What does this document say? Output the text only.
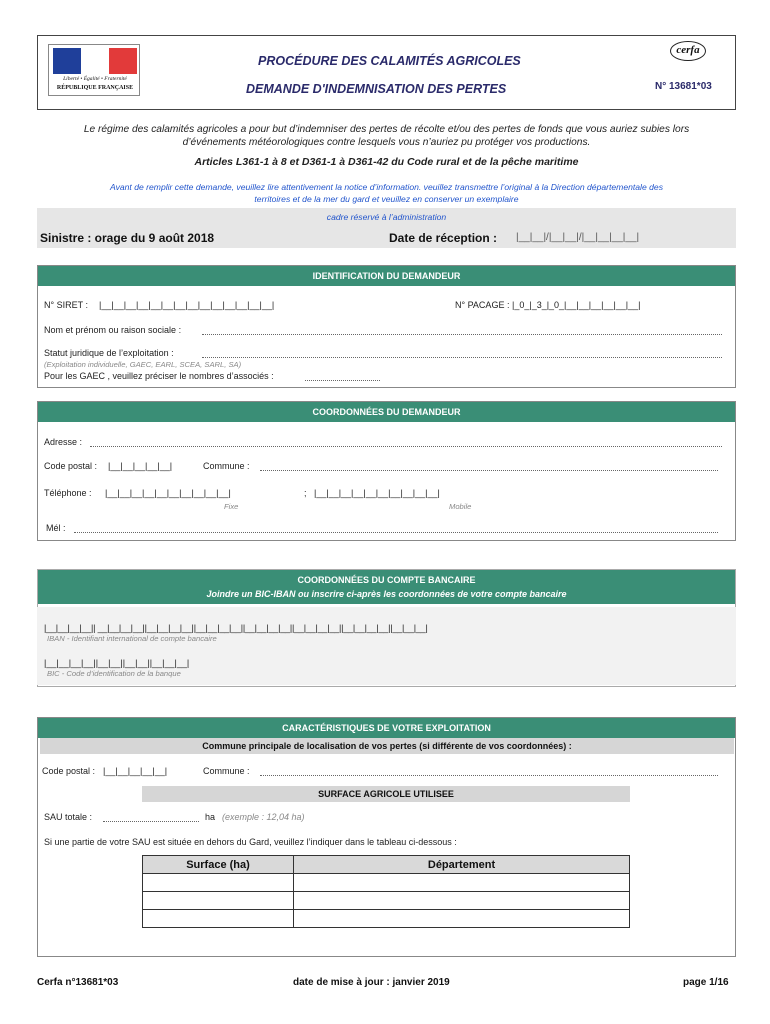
Liberté • Égalité • Fraternité
RÉPUBLIQUE FRANÇAISE
PROCÉDURE DES CALAMITÉS AGRICOLES
DEMANDE D'INDEMNISATION DES PERTES
cerfa
N° 13681*03
Le régime des calamités agricoles a pour but d’indemniser des pertes de récolte et/ou des pertes de fonds que vous auriez subies lors
d’événements météorologiques contre lesquels vous n’auriez pu protéger vos productions.
Articles L361-1 à 8 et D361-1 à D361-42 du Code rural et de la pêche maritime
Avant de remplir cette demande, veuillez lire attentivement la notice d’information. veuillez transmettre l’original à la Direction départementale des
territoires et de la mer du gard et veuillez en conserver un exemplaire
cadre réservé à l’administration
Sinistre : orage du 9 août 2018	Date de réception : |__|__|/|__|__|/|__|__|__|__|
IDENTIFICATION DU DEMANDEUR
N° SIRET : |__|__|__|__|__|__|__|__|__|__|__|__|__|__|	N° PACAGE : |_0_|_3_|_0_|__|__|__|__|__|__|
Nom et prénom ou raison sociale :
Statut juridique de l’exploitation :
(Exploitation individuelle, GAEC, EARL, SCEA, SARL, SA)
Pour les GAEC , veuillez préciser le nombres d’associés :
COORDONNÉES DU DEMANDEUR
Adresse :
Code postal : |__|__|__|__|__|	Commune :
Téléphone : |__|__|__|__|__|__|__|__|__|__|	; |__|__|__|__|__|__|__|__|__|__|
Fixe	Mobile
Mél :
COORDONNÉES DU COMPTE BANCAIRE
Joindre un BIC-IBAN ou inscrire ci-après les coordonnées de votre compte bancaire
|__|__|__|__|| __|__|__|__||__|__|__|__||__|__|__|__||__|__|__|__||__|__|__|__||__|__|__|__||__|__|__|
IBAN - Identifiant international de compte bancaire
|__|__|__|__||__|__||__|__||__|__|__|
BIC - Code d’identification de la banque
CARACTÉRISTIQUES DE VOTRE EXPLOITATION
Commune principale de localisation de vos pertes (si différente de vos coordonnées) :
Code postal : |__|__|__|__|__|	Commune :
SURFACE AGRICOLE UTILISEE
SAU totale :	ha (exemple : 12,04 ha)
Si une partie de votre SAU est située en dehors du Gard, veuillez l’indiquer dans le tableau ci-dessous :
Surface (ha)	Département

Cerfa n°13681*03	date de mise à jour : janvier 2019	page 1/16
